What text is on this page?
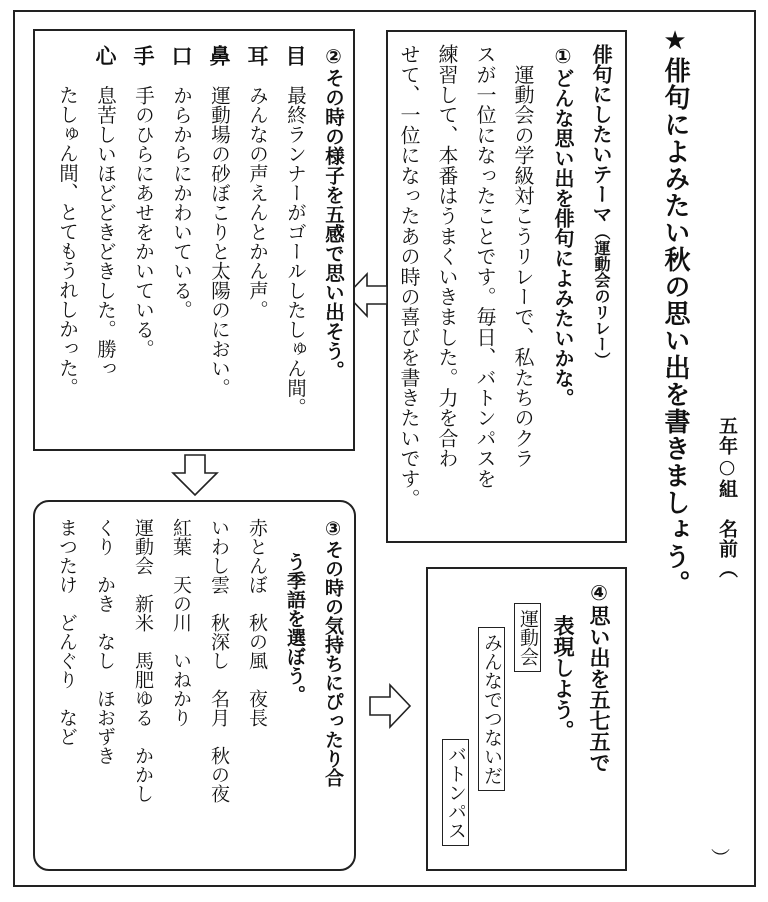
★俳句によみたい秋の思い出を書きましょう。 五年○組　名前（
）
俳句にしたいテーマ（運動会のリレー）
①どんな思い出を俳句によみたいかな。
　運動会の学級対こうリレーで、私たちのクラ
スが一位になったことです。毎日、バトンパスを
練習して、本番はうまくいきました。力を合わ
せて、一位になったあの時の喜びを書きたいです。
②その時の様子を五感で思い出そう。
目　最終ランナーがゴールしたしゅん間。
耳　みんなの声えんとかん声。
鼻　運動場の砂ぼこりと太陽のにおい。
口　からからにかわいている。
手　手のひらにあせをかいている。
心　息苦しいほどどきどきした。勝っ
たしゅん間、とてもうれしかった。
③その時の気持ちにぴったり合
う季語を選ぼう。
赤とんぼ　秋の風　夜長
いわし雲　秋深し　名月　秋の夜
紅葉　天の川　いねかり
運動会　新米　馬肥ゆる　かかし
くり　かき　なし　ほおずき
まつたけ　どんぐり　など	④思い出を五七五で
表現しよう。
運動会
みんなでつないだ
バトンパス
